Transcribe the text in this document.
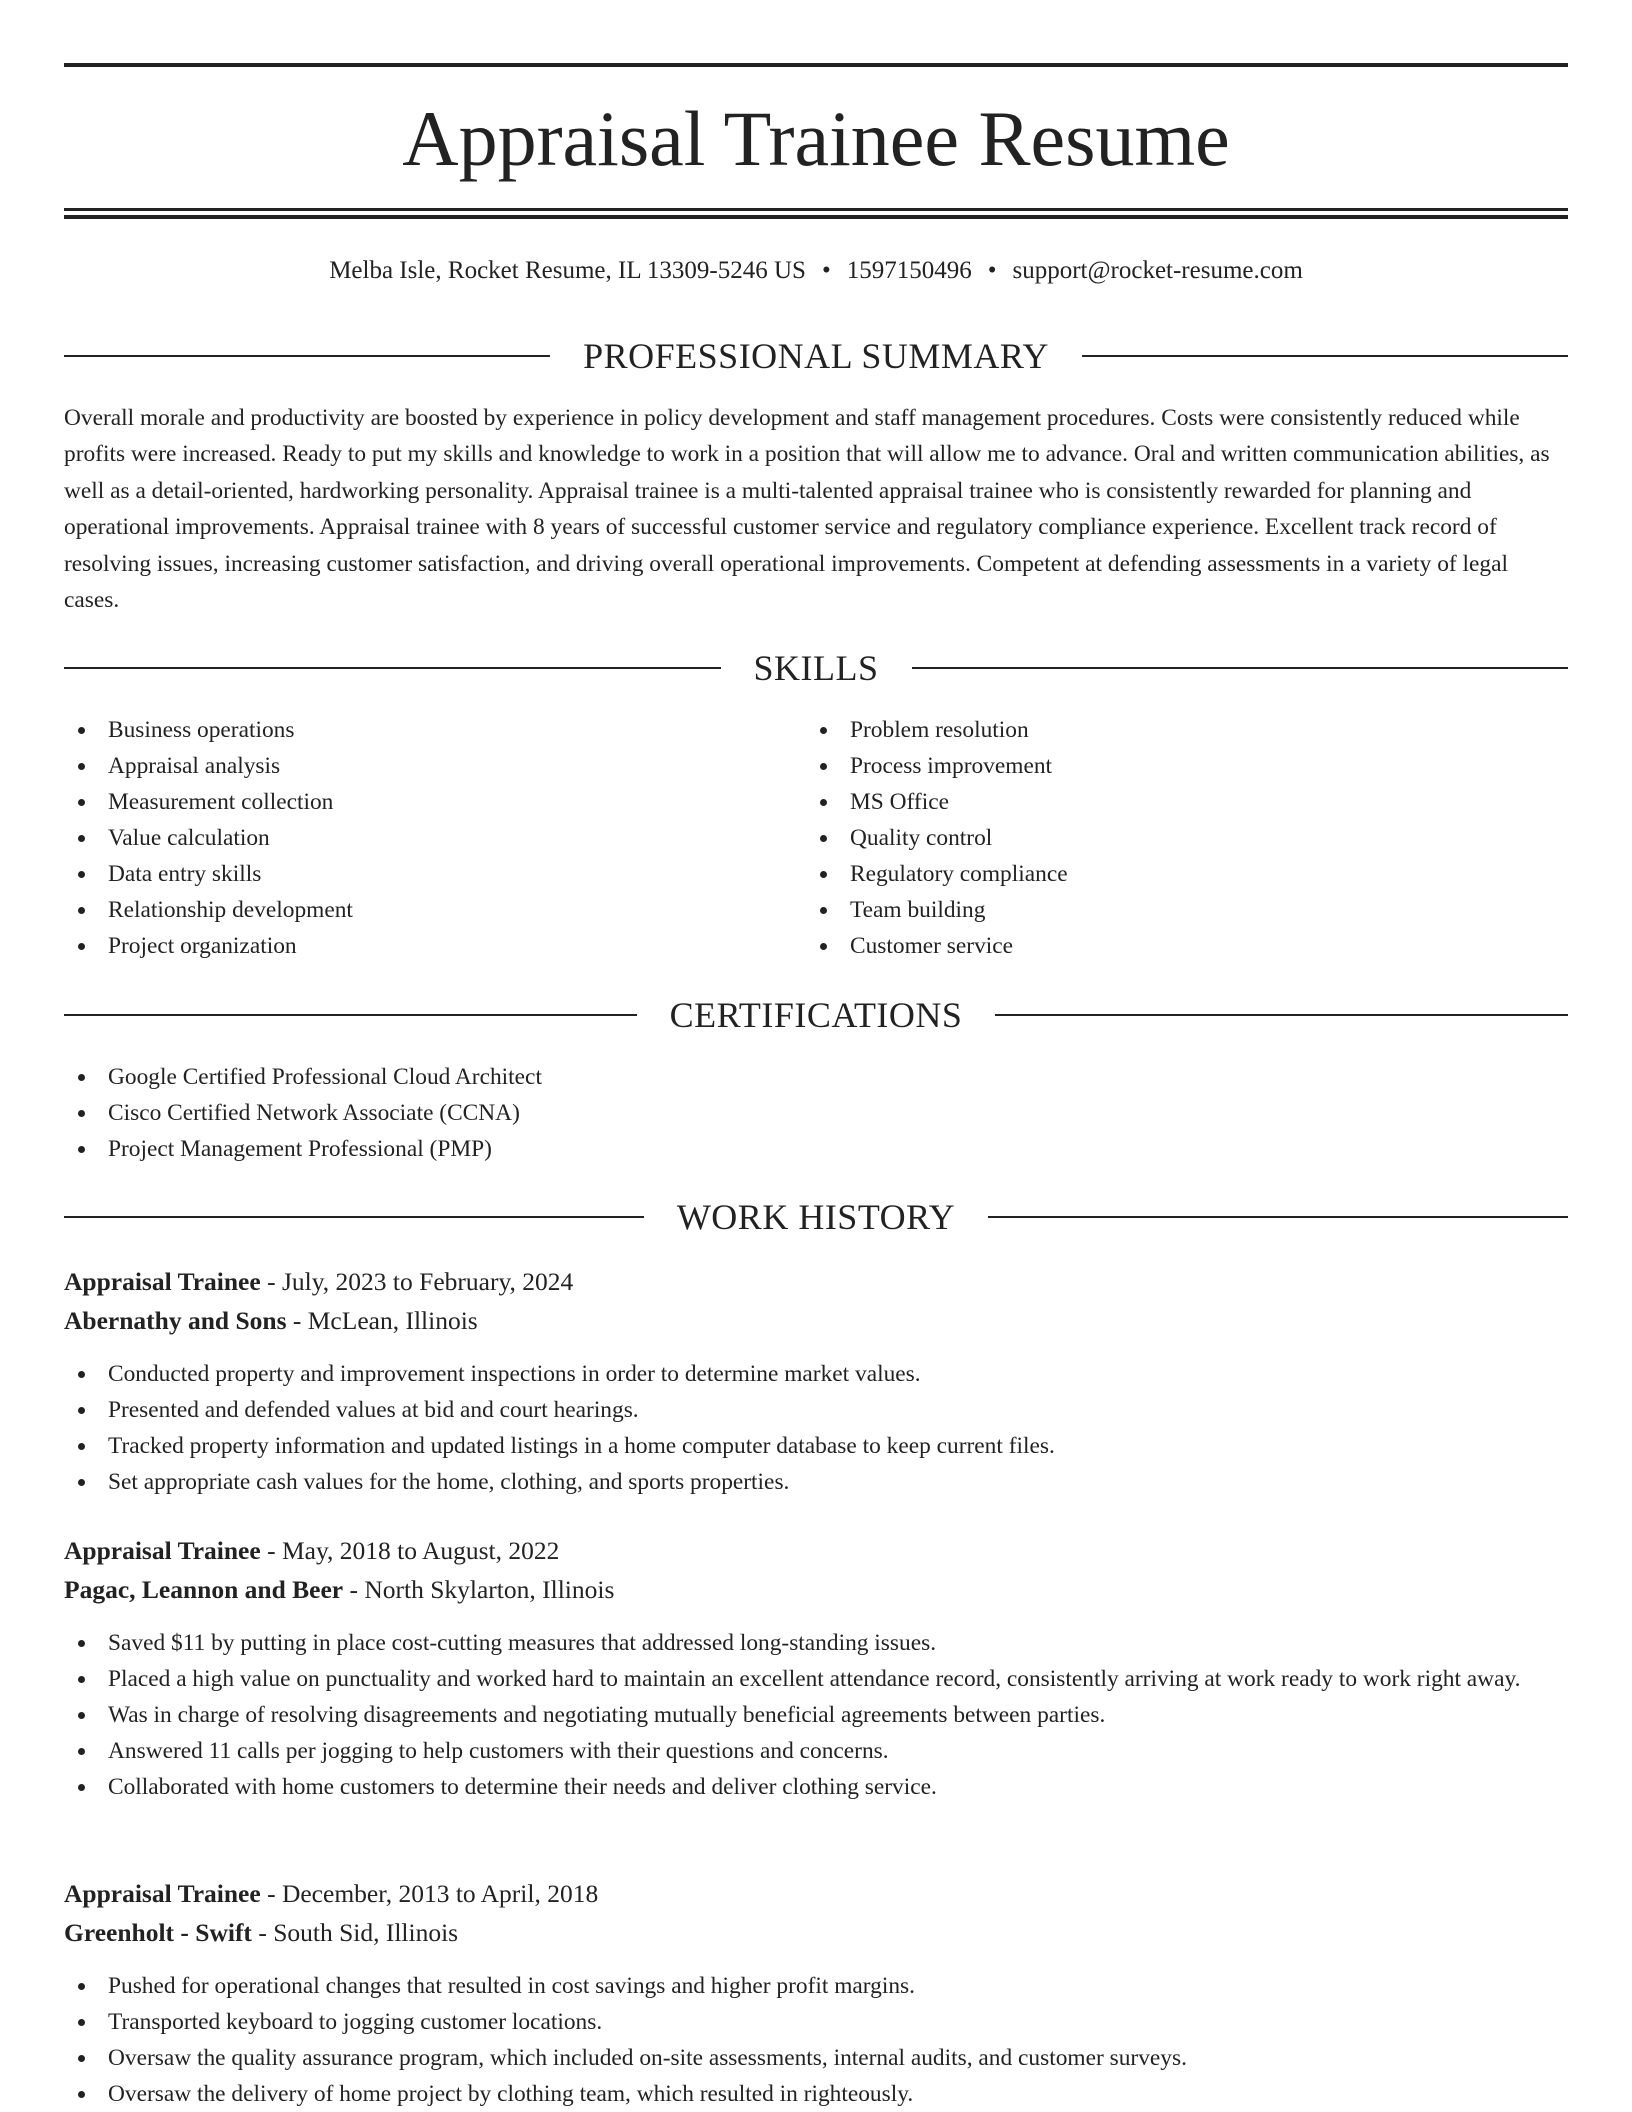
Appraisal Trainee Resume
Melba Isle, Rocket Resume, IL 13309-5246 US • 1597150496 • support@rocket-resume.com
PROFESSIONAL SUMMARY

Overall morale and productivity are boosted by experience in policy development and staff management procedures. Costs were consistently reduced while profits were increased. Ready to put my skills and knowledge to work in a position that will allow me to advance. Oral and written communication abilities, as well as a detail-oriented, hardworking personality. Appraisal trainee is a multi-talented appraisal trainee who is consistently rewarded for planning and operational improvements. Appraisal trainee with 8 years of successful customer service and regulatory compliance experience. Excellent track record of resolving issues, increasing customer satisfaction, and driving overall operational improvements. Competent at defending assessments in a variety of legal cases.

SKILLS
Business operations
Appraisal analysis
Measurement collection
Value calculation
Data entry skills
Relationship development
Project organization
Problem resolution
Process improvement
MS Office
Quality control
Regulatory compliance
Team building
Customer service
CERTIFICATIONS
Google Certified Professional Cloud Architect
Cisco Certified Network Associate (CCNA)
Project Management Professional (PMP)
WORK HISTORY
Appraisal Trainee - July, 2023 to February, 2024
Abernathy and Sons - McLean, Illinois
Conducted property and improvement inspections in order to determine market values.
Presented and defended values at bid and court hearings.
Tracked property information and updated listings in a home computer database to keep current files.
Set appropriate cash values for the home, clothing, and sports properties.
Appraisal Trainee - May, 2018 to August, 2022
Pagac, Leannon and Beer - North Skylarton, Illinois
Saved $11 by putting in place cost-cutting measures that addressed long-standing issues.
Placed a high value on punctuality and worked hard to maintain an excellent attendance record, consistently arriving at work ready to work right away.
Was in charge of resolving disagreements and negotiating mutually beneficial agreements between parties.
Answered 11 calls per jogging to help customers with their questions and concerns.
Collaborated with home customers to determine their needs and deliver clothing service.
Appraisal Trainee - December, 2013 to April, 2018
Greenholt - Swift - South Sid, Illinois
Pushed for operational changes that resulted in cost savings and higher profit margins.
Transported keyboard to jogging customer locations.
Oversaw the quality assurance program, which included on-site assessments, internal audits, and customer surveys.
Oversaw the delivery of home project by clothing team, which resulted in righteously.
